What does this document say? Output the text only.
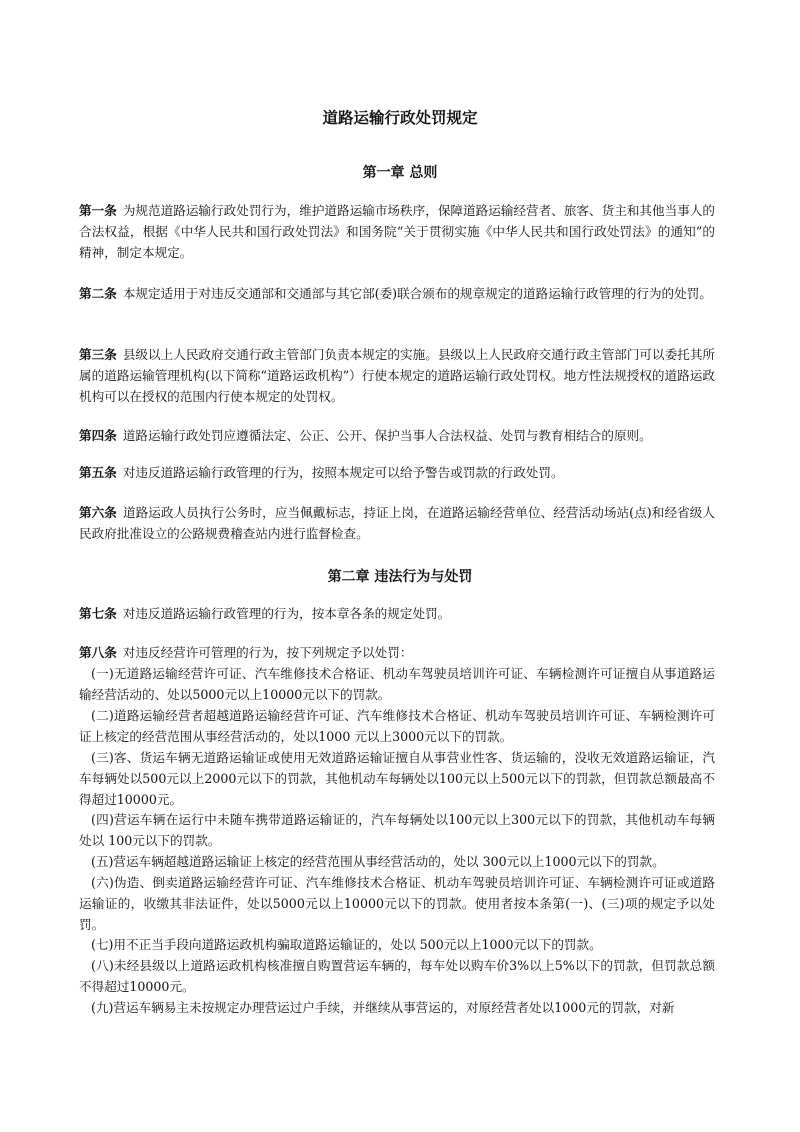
道路运输行政处罚规定
第一章 总则
第一条 为规范道路运输行政处罚行为，维护道路运输市场秩序，保障道路运输经营者、旅客、货主和其他当事人的合法权益，根据《中华人民共和国行政处罚法》和国务院“关于贯彻实施《中华人民共和国行政处罚法》的通知”的精神，制定本规定。
第二条 本规定适用于对违反交通部和交通部与其它部(委)联合颁布的规章规定的道路运输行政管理的行为的处罚。
第三条 县级以上人民政府交通行政主管部门负责本规定的实施。县级以上人民政府交通行政主管部门可以委托其所属的道路运输管理机构(以下简称“道路运政机构”）行使本规定的道路运输行政处罚权。地方性法规授权的道路运政机构可以在授权的范围内行使本规定的处罚权。
第四条 道路运输行政处罚应遵循法定、公正、公开、保护当事人合法权益、处罚与教育相结合的原则。
第五条 对违反道路运输行政管理的行为，按照本规定可以给予警告或罚款的行政处罚。
第六条 道路运政人员执行公务时，应当佩戴标志，持证上岗，在道路运输经营单位、经营活动场站(点)和经省级人民政府批准设立的公路规费稽查站内进行监督检查。
第二章 违法行为与处罚
第七条 对违反道路运输行政管理的行为，按本章各条的规定处罚。
第八条 对违反经营许可管理的行为，按下列规定予以处罚：
(一)无道路运输经营许可证、汽车维修技术合格证、机动车驾驶员培训许可证、车辆检测许可证擅自从事道路运输经营活动的、处以5000元以上10000元以下的罚款。
(二)道路运输经营者超越道路运输经营许可证、汽车维修技术合格证、机动车驾驶员培训许可证、车辆检测许可证上核定的经营范围从事经营活动的，处以1000 元以上3000元以下的罚款。
(三)客、货运车辆无道路运输证或使用无效道路运输证擅自从事营业性客、货运输的，没收无效道路运输证，汽车每辆处以500元以上2000元以下的罚款，其他机动车每辆处以100元以上500元以下的罚款，但罚款总额最高不得超过10000元。
(四)营运车辆在运行中未随车携带道路运输证的，汽车每辆处以100元以上300元以下的罚款，其他机动车每辆处以 100元以下的罚款。
(五)营运车辆超越道路运输证上核定的经营范围从事经营活动的，处以 300元以上1000元以下的罚款。
(六)伪造、倒卖道路运输经营许可证、汽车维修技术合格证、机动车驾驶员培训许可证、车辆检测许可证或道路运输证的，收缴其非法证件，处以5000元以上10000元以下的罚款。使用者按本条第(一)、(三)项的规定予以处罚。
(七)用不正当手段向道路运政机构骗取道路运输证的，处以 500元以上1000元以下的罚款。
(八)未经县级以上道路运政机构核准擅自购置营运车辆的，每车处以购车价3%以上5%以下的罚款，但罚款总额不得超过10000元。
(九)营运车辆易主未按规定办理营运过户手续，并继续从事营运的，对原经营者处以1000元的罚款，对新
